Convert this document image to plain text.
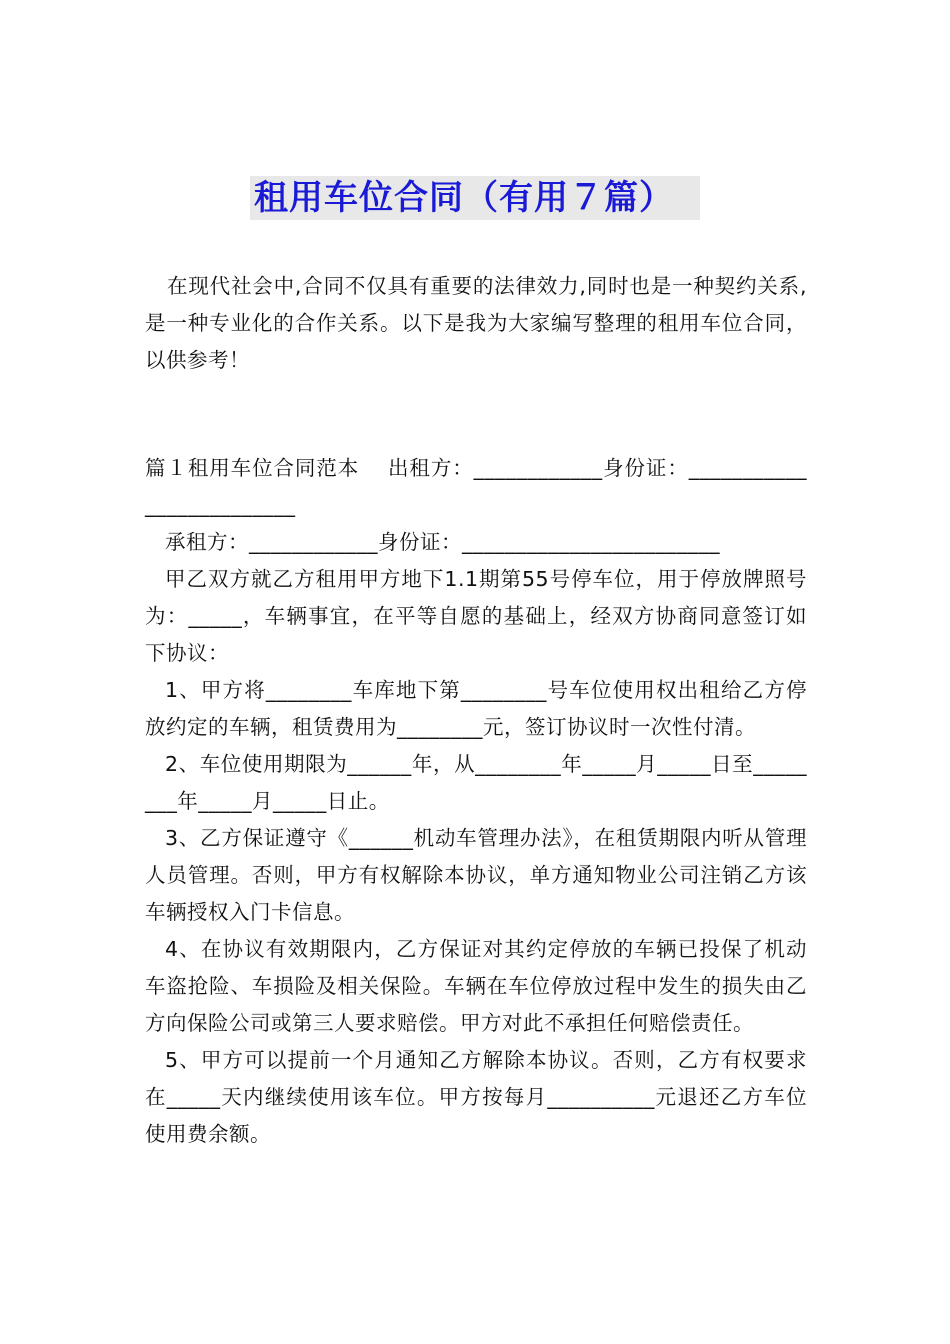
租用车位合同（有用７篇）

在现代社会中,合同不仅具有重要的法律效力,同时也是一种契约关系,是一种专业化的合作关系。以下是我为大家编写整理的租用车位合同，以供参考！

篇１租用车位合同范本　 出租方：____________身份证：_________________________

承租方：____________身份证：________________________

甲乙双方就乙方租用甲方地下1.1期第55号停车位，用于停放牌照号为：_____，车辆事宜，在平等自愿的基础上，经双方协商同意签订如下协议：

1、甲方将________车库地下第________号车位使用权出租给乙方停放约定的车辆，租赁费用为________元，签订协议时一次性付清。

2、车位使用期限为______年，从________年_____月_____日至________年_____月_____日止。

3、乙方保证遵守《______机动车管理办法》，在租赁期限内听从管理人员管理。否则，甲方有权解除本协议，单方通知物业公司注销乙方该车辆授权入门卡信息。

4、在协议有效期限内，乙方保证对其约定停放的车辆已投保了机动车盗抢险、车损险及相关保险。车辆在车位停放过程中发生的损失由乙方向保险公司或第三人要求赔偿。甲方对此不承担任何赔偿责任。

5、甲方可以提前一个月通知乙方解除本协议。否则，乙方有权要求在_____天内继续使用该车位。甲方按每月__________元退还乙方车位使用费余额。
